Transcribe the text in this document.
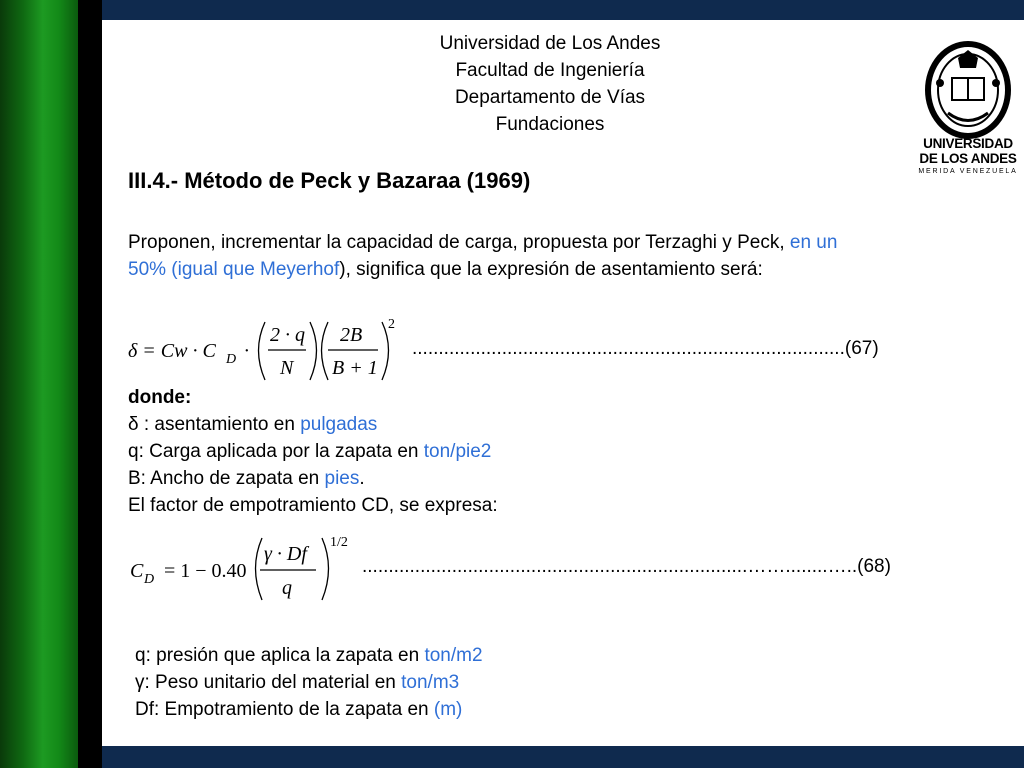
Universidad de Los Andes
Facultad de Ingeniería
Departamento de Vías
Fundaciones
UNIVERSIDAD
DE LOS ANDES
MERIDA VENEZUELA
III.4.- Método de Peck y Bazaraa (1969)
Proponen, incrementar la capacidad de carga, propuesta por Terzaghi y Peck, en un 50% (igual que Meyerhof), significa que la expresión de asentamiento será:
δ = Cw · C D ·
2 · q
N
2B
B + 1
2
..................................................................................(67)
donde:
δ : asentamiento en pulgadas
q: Carga aplicada por la zapata en ton/pie2
B: Ancho de zapata en pies.
El factor de empotramiento CD, se expresa:
C D = 1 − 0.40
γ · Df
q
1/2
.........................................................................……........…..(68)
q: presión que aplica la zapata en ton/m2
γ: Peso unitario del material en ton/m3
Df: Empotramiento de la zapata en (m)
